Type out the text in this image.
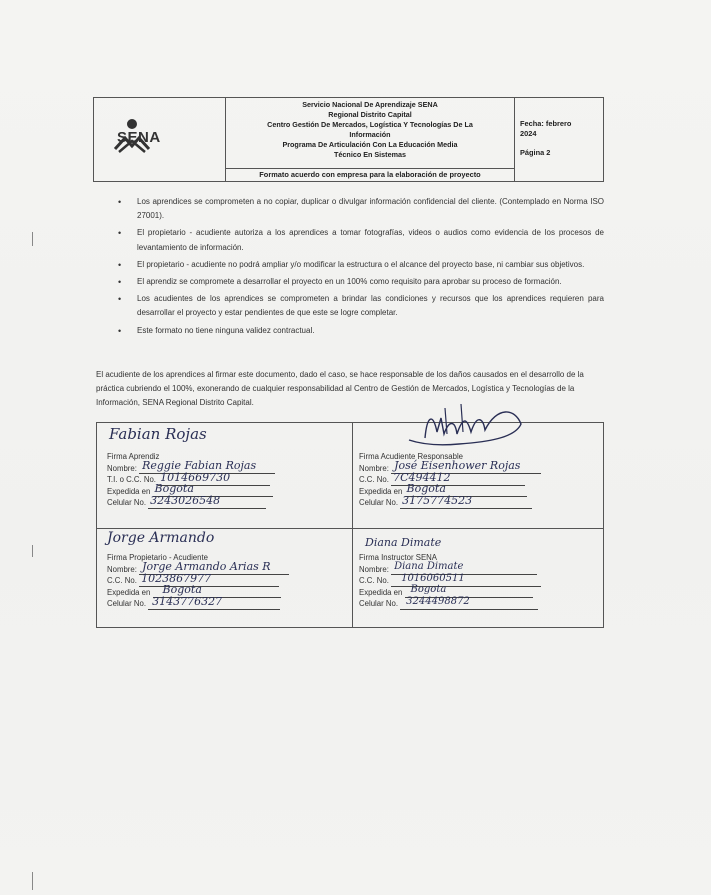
SENA
Servicio Nacional De Aprendizaje SENA
Regional Distrito Capital
Centro Gestión De Mercados, Logística Y Tecnologías De La
Información
Programa De Articulación Con La Educación Media
Técnico En Sistemas
Formato acuerdo con empresa para la elaboración de proyecto
Fecha: febrero
2024
Página 2
• Los aprendices se comprometen a no copiar, duplicar o divulgar información confidencial del cliente. (Contemplado en Norma ISO 27001).
• El propietario - acudiente autoriza a los aprendices a tomar fotografías, videos o audios como evidencia de los procesos de levantamiento de información.
• El propietario - acudiente no podrá ampliar y/o modificar la estructura o el alcance del proyecto base, ni cambiar sus objetivos.
• El aprendiz se compromete a desarrollar el proyecto en un 100% como requisito para aprobar su proceso de formación.
• Los acudientes de los aprendices se comprometen a brindar las condiciones y recursos que los aprendices requieren para desarrollar el proyecto y estar pendientes de que este se logre completar.
• Este formato no tiene ninguna validez contractual.
El acudiente de los aprendices al firmar este documento, dado el caso, se hace responsable de los daños causados en el desarrollo de la práctica cubriendo el 100%, exonerando de cualquier responsabilidad al Centro de Gestión de Mercados, Logística y Tecnologías de la Información, SENA Regional Distrito Capital.
Fabian Rojas
Firma Aprendiz
Nombre: Reggie Fabian Rojas
T.I. o C.C. No. 1014669730
Expedida en Bogota
Celular No. 3243026548
Firma Acudiente Responsable
Nombre: José Eisenhower Rojas
C.C. No. 7C494412
Expedida en Bogota
Celular No. 3175774523
Jorge Armando
Firma Propietario - Acudiente
Nombre: Jorge Armando Arias R
C.C. No. 1023867977
Expedida en Bogota
Celular No. 3143776327
Diana Dimate
Firma Instructor SENA
Nombre: Diana Dimate
C.C. No. 1016060511
Expedida en Bogota
Celular No. 3244498872
